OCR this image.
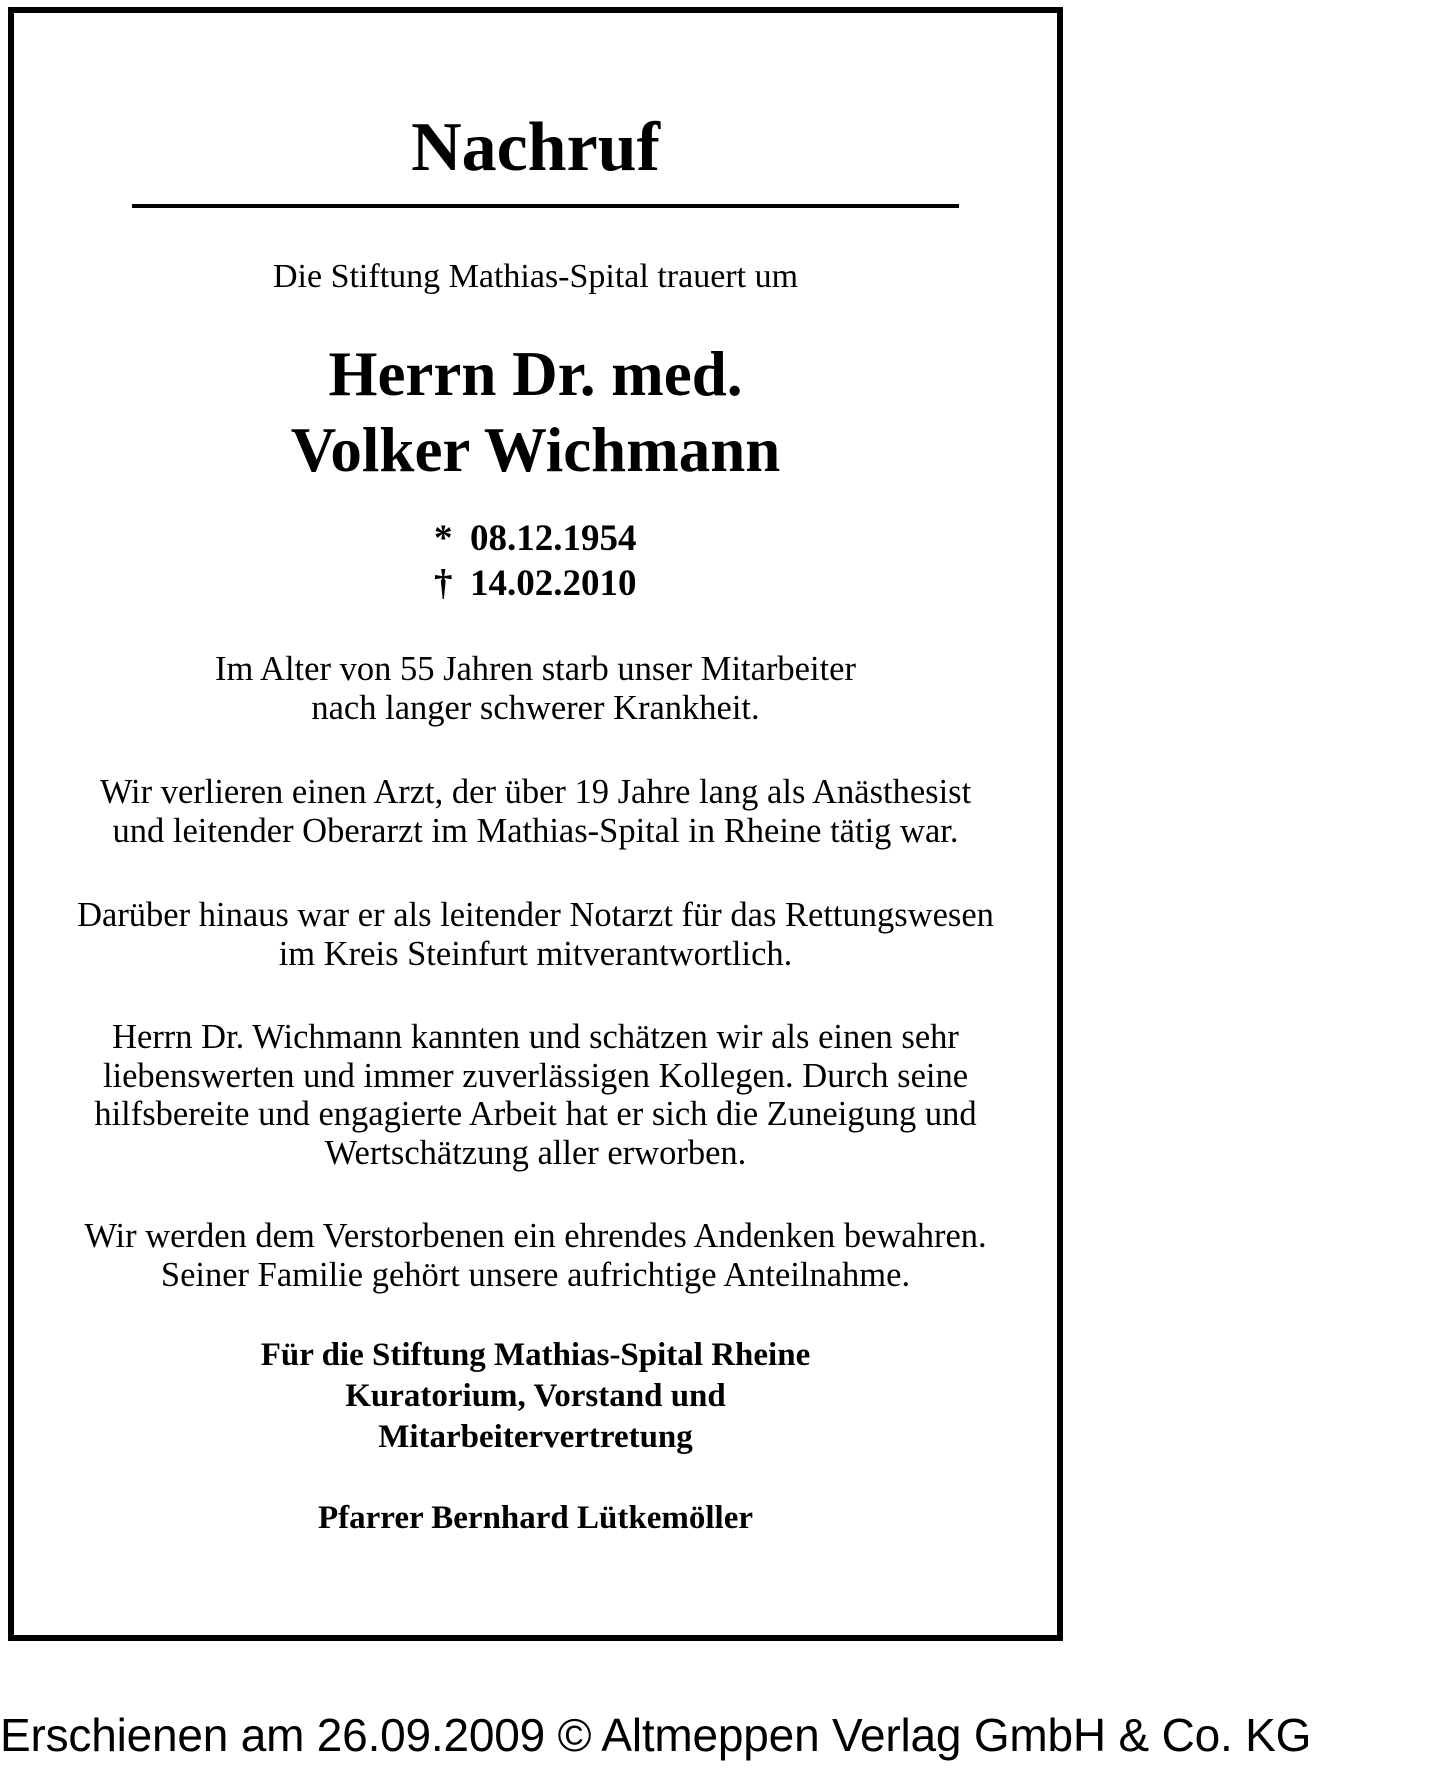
Nachruf
Die Stiftung Mathias-Spital trauert um
Herrn Dr. med.
Volker Wichmann
* 08.12.1954
† 14.02.2010
Im Alter von 55 Jahren starb unser Mitarbeiter
nach langer schwerer Krankheit.
Wir verlieren einen Arzt, der über 19 Jahre lang als Anästhesist
und leitender Oberarzt im Mathias-Spital in Rheine tätig war.
Darüber hinaus war er als leitender Notarzt für das Rettungswesen
im Kreis Steinfurt mitverantwortlich.
Herrn Dr. Wichmann kannten und schätzen wir als einen sehr
liebenswerten und immer zuverlässigen Kollegen. Durch seine
hilfsbereite und engagierte Arbeit hat er sich die Zuneigung und
Wertschätzung aller erworben.
Wir werden dem Verstorbenen ein ehrendes Andenken bewahren.
Seiner Familie gehört unsere aufrichtige Anteilnahme.
Für die Stiftung Mathias-Spital Rheine
Kuratorium, Vorstand und
Mitarbeitervertretung
Pfarrer Bernhard Lütkemöller
Erschienen am 26.09.2009 © Altmeppen Verlag GmbH & Co. KG
